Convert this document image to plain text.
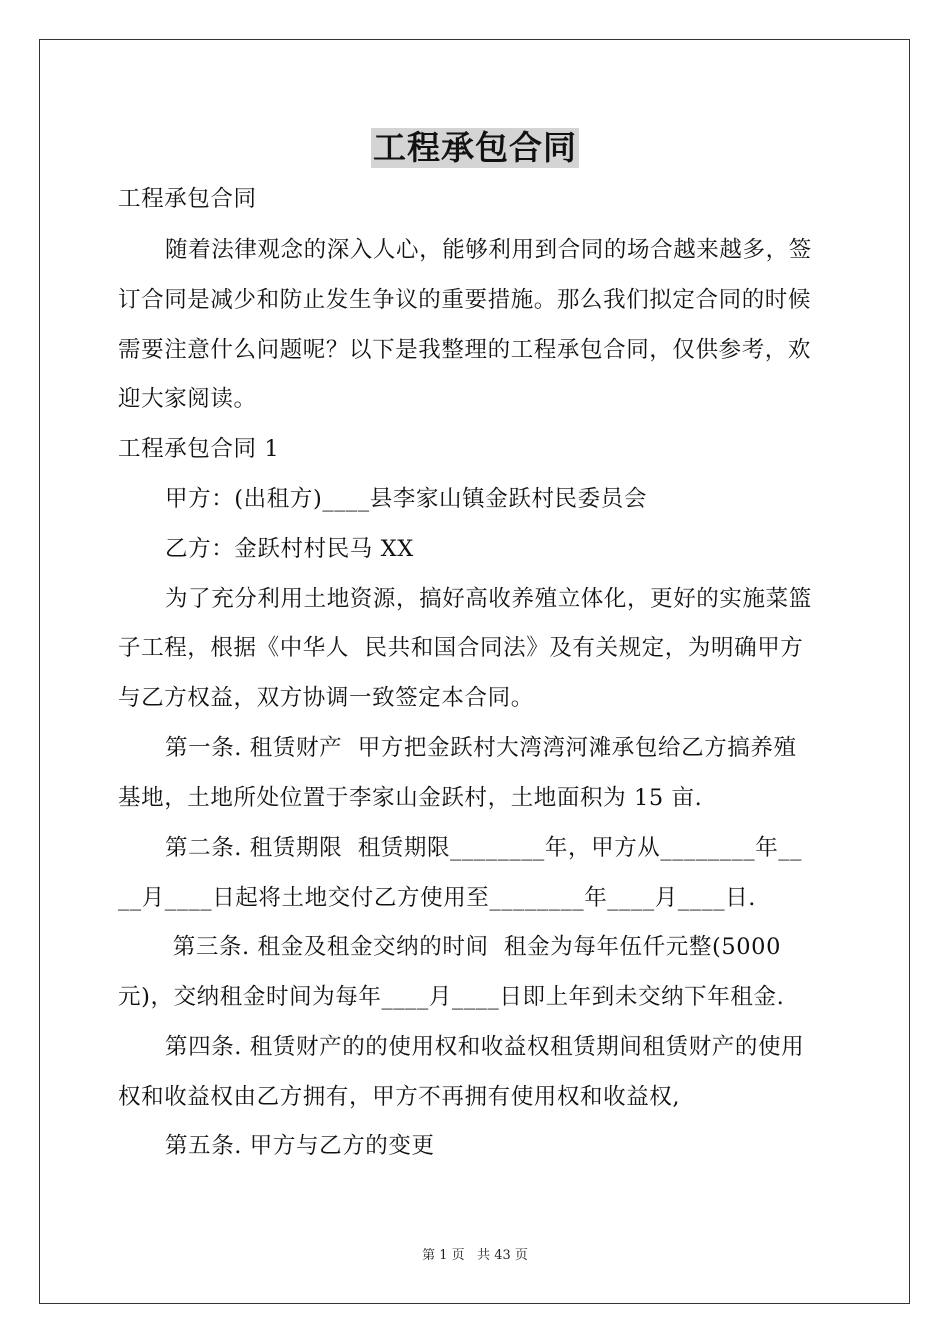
工程承包合同
工程承包合同
随着法律观念的深入人心，能够利用到合同的场合越来越多，签
订合同是减少和防止发生争议的重要措施。那么我们拟定合同的时候
需要注意什么问题呢？以下是我整理的工程承包合同，仅供参考，欢
迎大家阅读。
工程承包合同 1
甲方：(出租方)____县李家山镇金跃村民委员会
乙方：金跃村村民马 XX
为了充分利用土地资源，搞好高收养殖立体化，更好的实施菜篮
子工程，根据《中华人  民共和国合同法》及有关规定，为明确甲方
与乙方权益，双方协调一致签定本合同。
第一条. 租赁财产  甲方把金跃村大湾湾河滩承包给乙方搞养殖
基地，土地所处位置于李家山金跃村，土地面积为 15 亩.
第二条. 租赁期限  租赁期限________年，甲方从________年__
__月____日起将土地交付乙方使用至________年____月____日.
第三条. 租金及租金交纳的时间  租金为每年伍仟元整(5000
元)，交纳租金时间为每年____月____日即上年到未交纳下年租金.
第四条. 租赁财产的的使用权和收益权租赁期间租赁财产的使用
权和收益权由乙方拥有，甲方不再拥有使用权和收益权,
第五条. 甲方与乙方的变更
第 1 页   共 43 页
